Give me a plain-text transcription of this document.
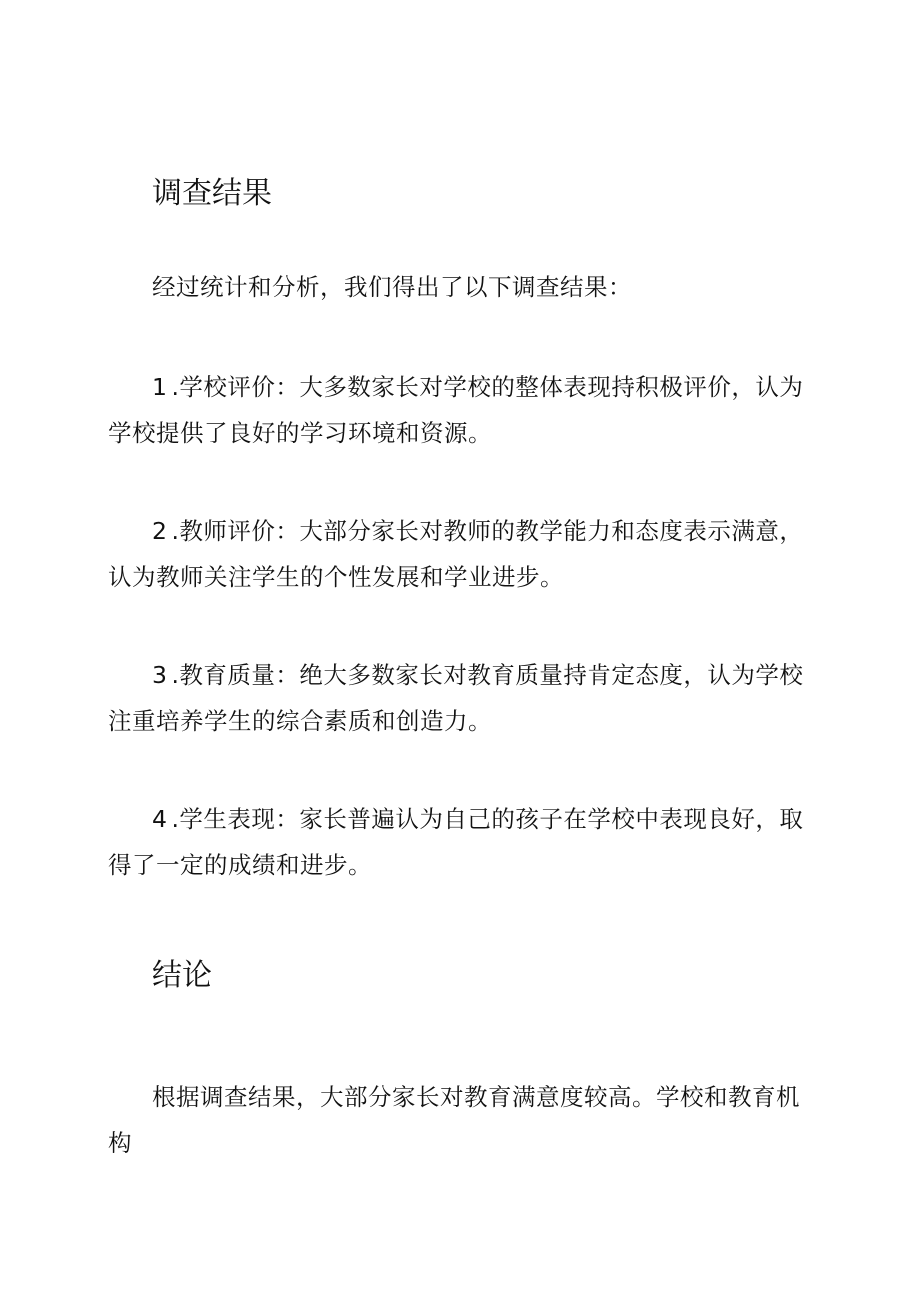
调查结果

经过统计和分析，我们得出了以下调查结果：

1 .学校评价：大多数家长对学校的整体表现持积极评价，认为学校提供了良好的学习环境和资源。

2 .教师评价：大部分家长对教师的教学能力和态度表示满意，认为教师关注学生的个性发展和学业进步。

3 .教育质量：绝大多数家长对教育质量持肯定态度，认为学校注重培养学生的综合素质和创造力。

4 .学生表现：家长普遍认为自己的孩子在学校中表现良好，取得了一定的成绩和进步。

结论

根据调查结果，大部分家长对教育满意度较高。学校和教育机构
